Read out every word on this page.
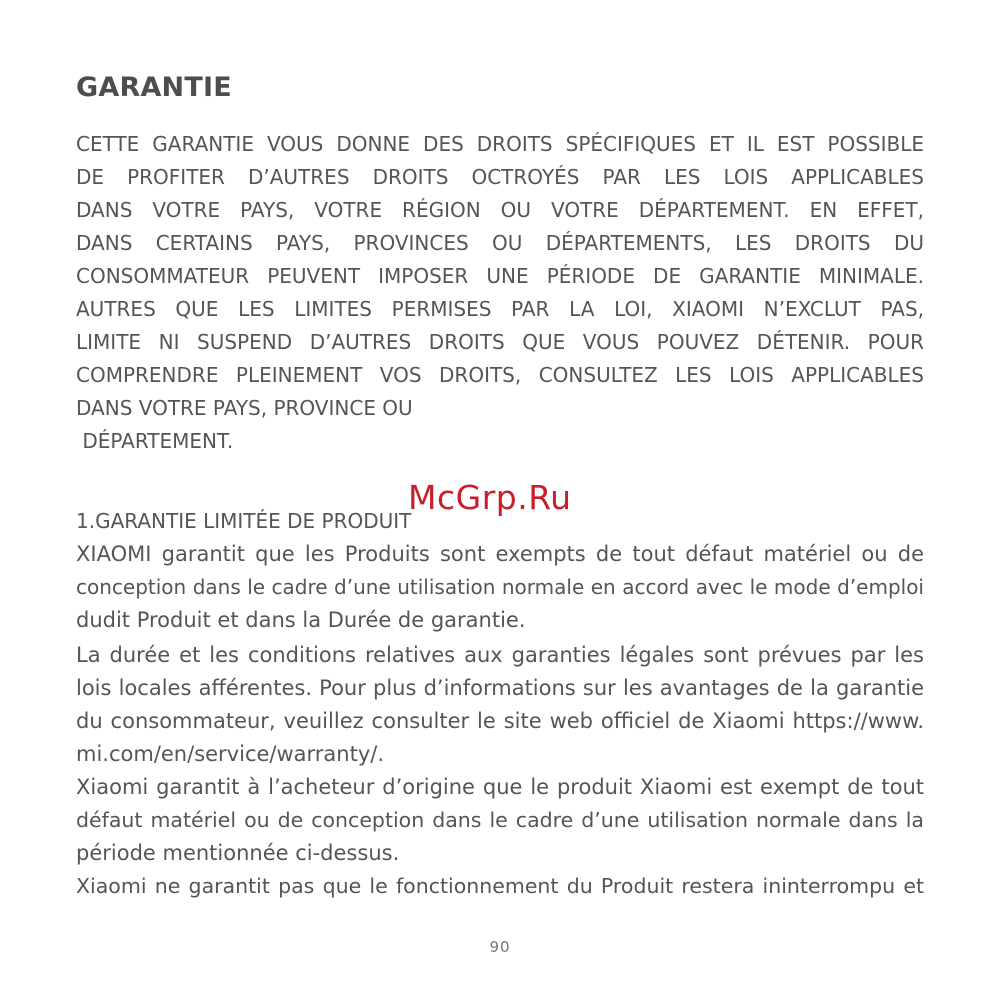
GARANTIE
CETTE GARANTIE VOUS DONNE DES DROITS SPÉCIFIQUES ET IL EST POSSIBLE
DE PROFITER D’AUTRES DROITS OCTROYÉS PAR LES LOIS APPLICABLES
DANS VOTRE PAYS, VOTRE RÉGION OU VOTRE DÉPARTEMENT. EN EFFET,
DANS CERTAINS PAYS, PROVINCES OU DÉPARTEMENTS, LES DROITS DU
CONSOMMATEUR PEUVENT IMPOSER UNE PÉRIODE DE GARANTIE MINIMALE.
AUTRES QUE LES LIMITES PERMISES PAR LA LOI, XIAOMI N’EXCLUT PAS,
LIMITE NI SUSPEND D’AUTRES DROITS QUE VOUS POUVEZ DÉTENIR. POUR
COMPRENDRE PLEINEMENT VOS DROITS, CONSULTEZ LES LOIS APPLICABLES
DANS VOTRE PAYS, PROVINCE OU
DÉPARTEMENT.
1.GARANTIE LIMITÉE DE PRODUIT
XIAOMI garantit que les Produits sont exempts de tout défaut matériel ou de
conception dans le cadre d’une utilisation normale en accord avec le mode d’emploi
dudit Produit et dans la Durée de garantie.
La durée et les conditions relatives aux garanties légales sont prévues par les
lois locales afférentes. Pour plus d’informations sur les avantages de la garantie
du consommateur, veuillez consulter le site web officiel de Xiaomi https://www.
mi.com/en/service/warranty/.
Xiaomi garantit à l’acheteur d’origine que le produit Xiaomi est exempt de tout
défaut matériel ou de conception dans le cadre d’une utilisation normale dans la
période mentionnée ci-dessus.
Xiaomi ne garantit pas que le fonctionnement du Produit restera ininterrompu et
McGrp.Ru
90
